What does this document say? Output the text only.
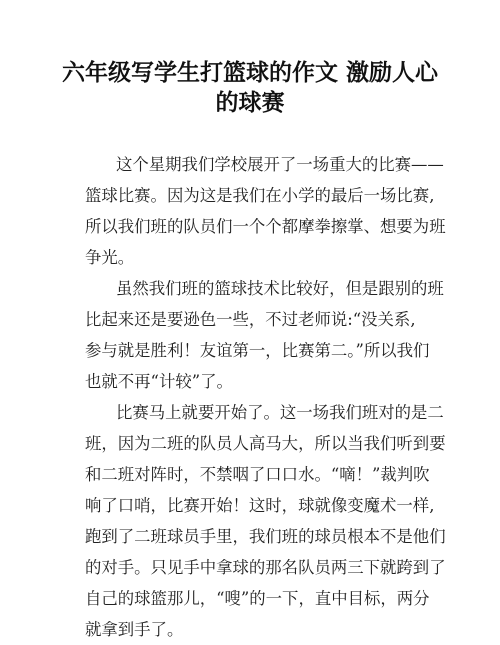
六年级写学生打篮球的作文 激励人心
的球赛

这个星期我们学校展开了一场重大的比赛——
篮球比赛。因为这是我们在小学的最后一场比赛,
所以我们班的队员们一个个都摩拳擦掌、想要为班
争光。

虽然我们班的篮球技术比较好，但是跟别的班
比起来还是要逊色一些，不过老师说:“没关系,
参与就是胜利！友谊第一，比赛第二。”所以我们
也就不再“计较”了。

比赛马上就要开始了。这一场我们班对的是二
班，因为二班的队员人高马大，所以当我们听到要
和二班对阵时，不禁咽了口口水。“嘀！”裁判吹
响了口哨，比赛开始！这时，球就像变魔术一样,
跑到了二班球员手里，我们班的球员根本不是他们
的对手。只见手中拿球的那名队员两三下就跨到了
自己的球篮那儿，“嗖”的一下，直中目标，两分
就拿到手了。
